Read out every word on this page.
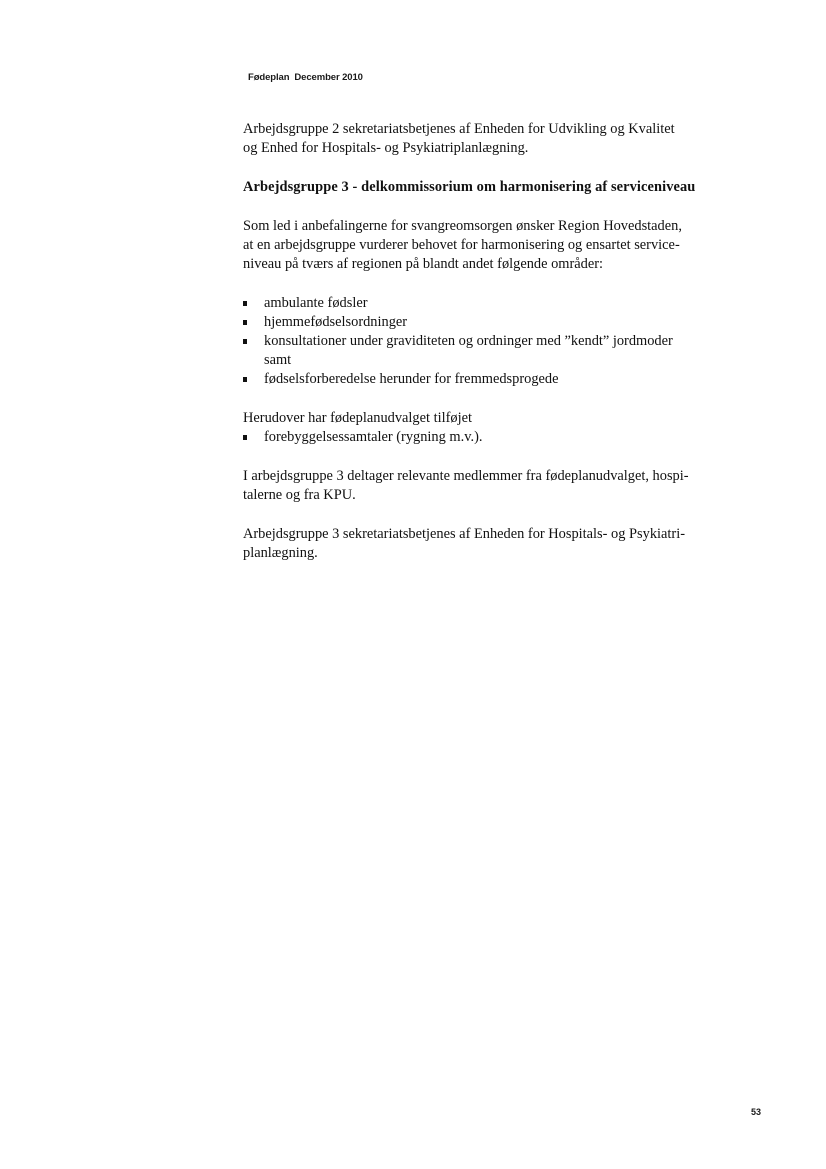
Fødeplan December 2010

Arbejdsgruppe 2 sekretariatsbetjenes af Enheden for Udvikling og Kvalitet
og Enhed for Hospitals- og Psykiatriplanlægning.

Arbejdsgruppe 3 - delkommissorium om harmonisering af serviceniveau

Som led i anbefalingerne for svangreomsorgen ønsker Region Hovedstaden,
at en arbejdsgruppe vurderer behovet for harmonisering og ensartet service-
niveau på tværs af regionen på blandt andet følgende områder:

ambulante fødsler
hjemmefødselsordninger
konsultationer under graviditeten og ordninger med ”kendt” jordmoder
samt
fødselsforberedelse herunder for fremmedsprogede

Herudover har fødeplanudvalget tilføjet

forebyggelsessamtaler (rygning m.v.).

I arbejdsgruppe 3 deltager relevante medlemmer fra fødeplanudvalget, hospi-
talerne og fra KPU.

Arbejdsgruppe 3 sekretariatsbetjenes af Enheden for Hospitals- og Psykiatri-
planlægning.

53
